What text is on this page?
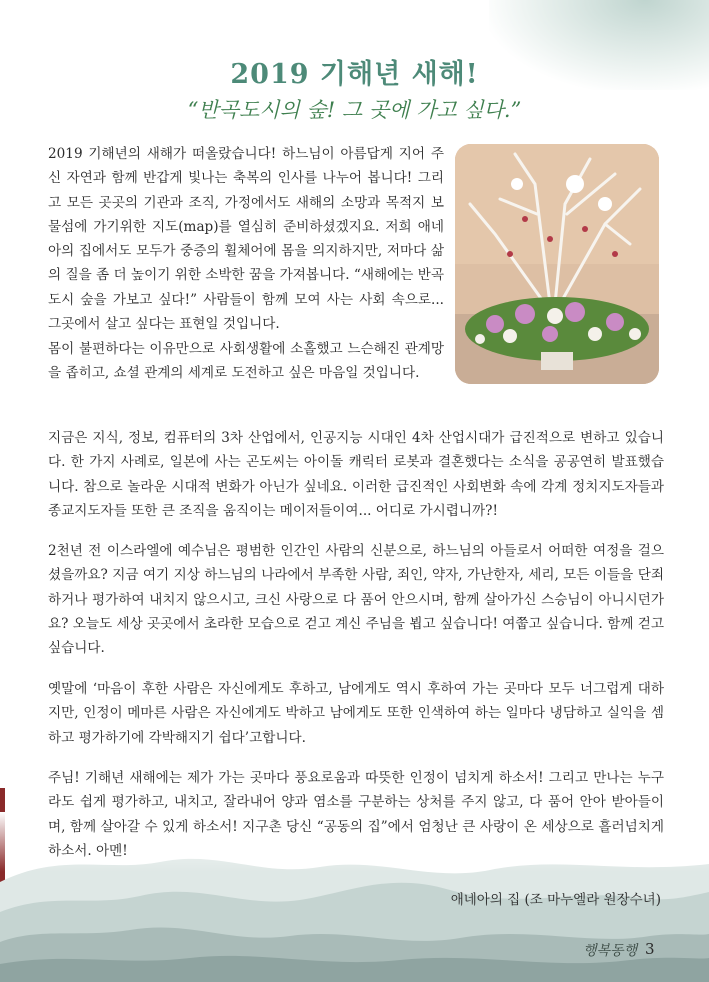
2019 기해년 새해!
“반곡도시의 숲! 그 곳에 가고 싶다.”

2019 기해년의 새해가 떠올랐습니다! 하느님이 아름답게 지어 주신 자연과 함께 반갑게 빛나는 축복의 인사를 나누어 봅니다! 그리고 모든 곳곳의 기관과 조직, 가정에서도 새해의 소망과 목적지 보물섬에 가기위한 지도(map)를 열심히 준비하셨겠지요. 저희 애네아의 집에서도 모두가 중증의 휠체어에 몸을 의지하지만, 저마다 삶의 질을 좀 더 높이기 위한 소박한 꿈을 가져봅니다. “새해에는 반곡도시 숲을 가보고 싶다!” 사람들이 함께 모여 사는 사회 속으로... 그곳에서 살고 싶다는 표현일 것입니다.

몸이 불편하다는 이유만으로 사회생활에 소홀했고 느슨해진 관계망을 좁히고, 쇼셜 관계의 세계로 도전하고 싶은 마음일 것입니다.

지금은 지식, 정보, 컴퓨터의 3차 산업에서, 인공지능 시대인 4차 산업시대가 급진적으로 변하고 있습니다. 한 가지 사례로, 일본에 사는 곤도씨는 아이돌 캐릭터 로봇과 결혼했다는 소식을 공공연히 발표했습니다. 참으로 놀라운 시대적 변화가 아닌가 싶네요. 이러한 급진적인 사회변화 속에 각계 정치지도자들과 종교지도자들 또한 큰 조직을 움직이는 메이저들이여... 어디로 가시렵니까?!

2천년 전 이스라엘에 예수님은 평범한 인간인 사람의 신분으로, 하느님의 아들로서 어떠한 여정을 걸으셨을까요? 지금 여기 지상 하느님의 나라에서 부족한 사람, 죄인, 약자, 가난한자, 세리, 모든 이들을 단죄하거나 평가하여 내치지 않으시고, 크신 사랑으로 다 품어 안으시며, 함께 살아가신 스승님이 아니시던가요? 오늘도 세상 곳곳에서 초라한 모습으로 걷고 계신 주님을 뵙고 싶습니다! 여쭙고 싶습니다. 함께 걷고 싶습니다.

옛말에 ‘마음이 후한 사람은 자신에게도 후하고, 남에게도 역시 후하여 가는 곳마다 모두 너그럽게 대하지만, 인정이 메마른 사람은 자신에게도 박하고 남에게도 또한 인색하여 하는 일마다 냉담하고 실익을 셈하고 평가하기에 각박해지기 쉽다’고합니다.

주님! 기해년 새해에는 제가 가는 곳마다 풍요로움과 따뜻한 인정이 넘치게 하소서! 그리고 만나는 누구라도 쉽게 평가하고, 내치고, 잘라내어 양과 염소를 구분하는 상처를 주지 않고, 다 품어 안아 받아들이며, 함께 살아갈 수 있게 하소서! 지구촌 당신 “공동의 집”에서 엄청난 큰 사랑이 온 세상으로 흘러넘치게 하소서. 아멘!

애네아의 집 (조 마누엘라 원장수녀)
행복동행 3
